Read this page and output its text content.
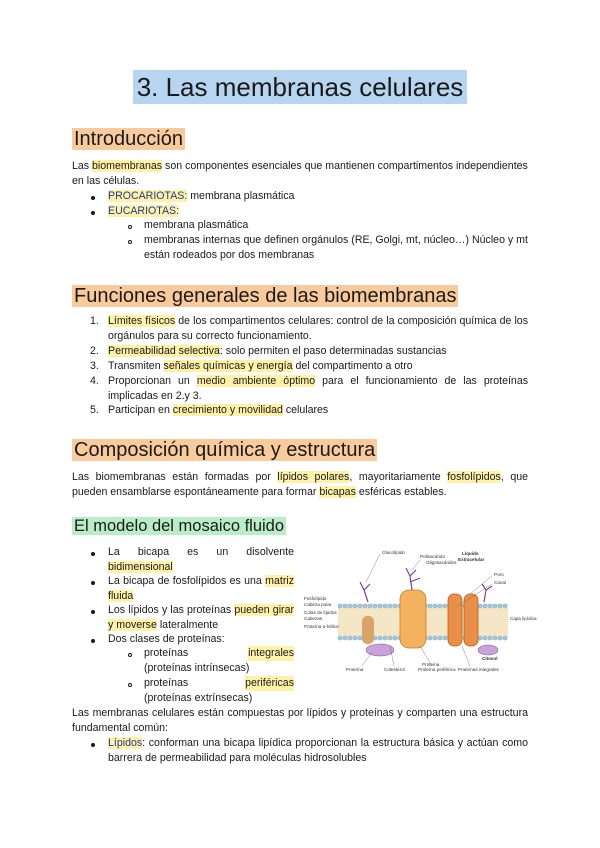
3. Las membranas celulares
Introducción
Las biomembranas son componentes esenciales que mantienen compartimentos independientes en las células.
PROCARIOTAS: membrana plasmática
EUCARIOTAS:
membrana plasmática
membranas internas que definen orgánulos (RE, Golgi, mt, núcleo…) Núcleo y mt están rodeados por dos membranas
Funciones generales de las biomembranas
1. Límites físicos de los compartimentos celulares: control de la composición química de los orgánulos para su correcto funcionamiento.
2. Permeabilidad selectiva: solo permiten el paso determinadas sustancias
3. Transmiten señales químicas y energía del compartimento a otro
4. Proporcionan un medio ambiente óptimo para el funcionamiento de las proteínas implicadas en 2.y 3.
5. Participan en crecimiento y movilidad celulares
Composición química y estructura
Las biomembranas están formadas por lípidos polares, mayoritariamente fosfolípidos, que pueden ensamblarse espontáneamente para formar bicapas esféricas estables.
El modelo del mosaico fluido
La bicapa es un disolvente bidimensional
La bicapa de fosfolípidos es una matriz fluida
Los lípidos y las proteínas pueden girar y moverse lateralmente
Dos clases de proteínas:
proteínas	integrales
(proteínas intrínsecas)
proteínas	periféricas
(proteínas extrínsecas)
Las membranas celulares están compuestas por lípidos y proteínas y comparten una estructura fundamental común:
Lípidos: conforman una bicapa lipídica proporcionan la estructura básica y actúan como barrera de permeabilidad para moléculas hidrosolubles
Glucolípido
Polisacárido
Oligosacáridos
Líquido
Extracelular
Poro
Canal
Fosfolípido
Cabeza polar
Colas de lípidos
Cabezas
Proteína α-hélice
Capa lipídica
Citosol
Proteína	Colesterol	Proteína periférica Proteínas integrales
Proteína
